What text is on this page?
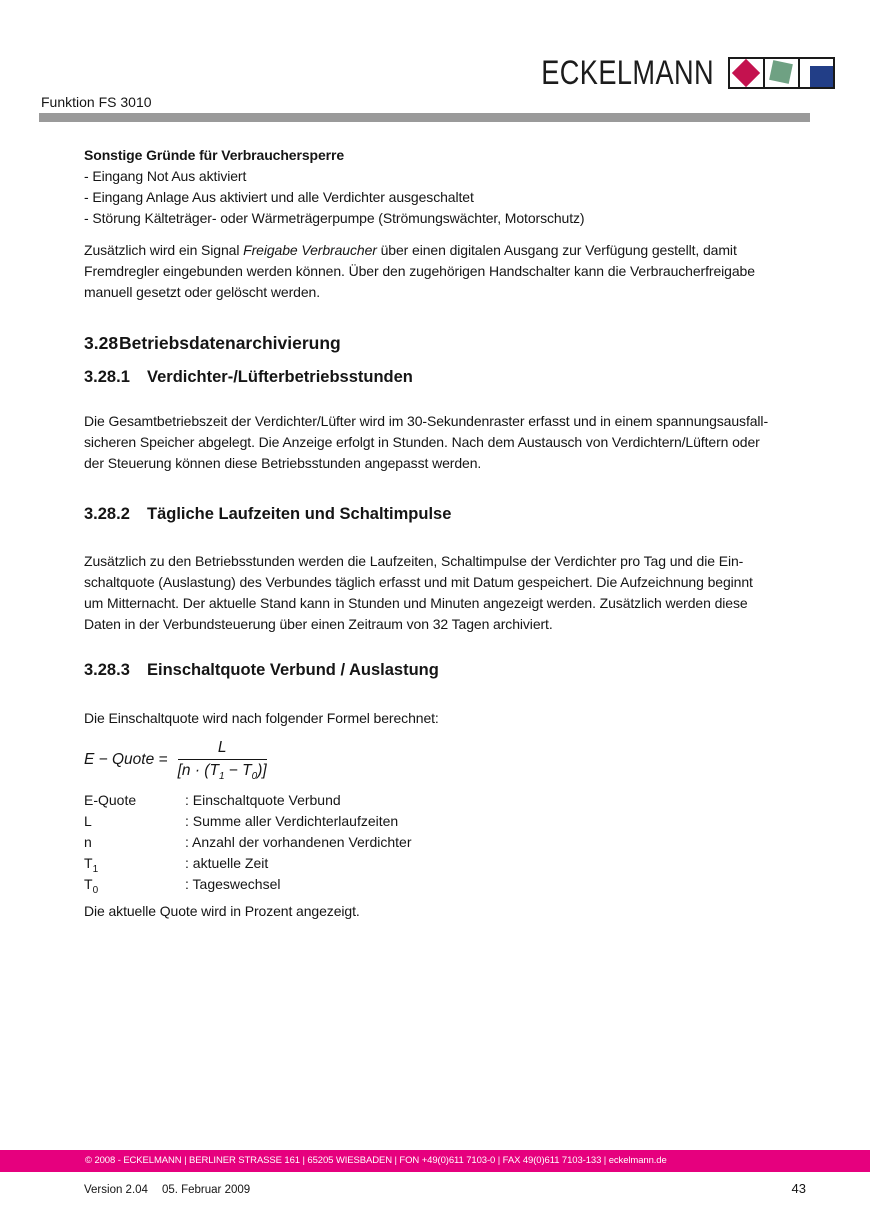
ECKELMANN
Funktion FS 3010
Sonstige Gründe für Verbrauchersperre
- Eingang Not Aus aktiviert
- Eingang Anlage Aus aktiviert und alle Verdichter ausgeschaltet
- Störung Kälteträger- oder Wärmeträgerpumpe (Strömungswächter, Motorschutz)
Zusätzlich wird ein Signal Freigabe Verbraucher über einen digitalen Ausgang zur Verfügung gestellt, damit
Fremdregler eingebunden werden können. Über den zugehörigen Handschalter kann die Verbraucherfreigabe
manuell gesetzt oder gelöscht werden.
3.28Betriebsdatenarchivierung
3.28.1 Verdichter-/Lüfterbetriebsstunden
Die Gesamtbetriebszeit der Verdichter/Lüfter wird im 30-Sekundenraster erfasst und in einem spannungsausfall-
sicheren Speicher abgelegt. Die Anzeige erfolgt in Stunden. Nach dem Austausch von Verdichtern/Lüftern oder
der Steuerung können diese Betriebsstunden angepasst werden.
3.28.2 Tägliche Laufzeiten und Schaltimpulse
Zusätzlich zu den Betriebsstunden werden die Laufzeiten, Schaltimpulse der Verdichter pro Tag und die Ein-
schaltquote (Auslastung) des Verbundes täglich erfasst und mit Datum gespeichert. Die Aufzeichnung beginnt
um Mitternacht. Der aktuelle Stand kann in Stunden und Minuten angezeigt werden. Zusätzlich werden diese
Daten in der Verbundsteuerung über einen Zeitraum von 32 Tagen archiviert.
3.28.3 Einschaltquote Verbund / Auslastung
Die Einschaltquote wird nach folgender Formel berechnet:
E − Quote = $\frac{L}{[n \cdot (T_1 - T_0)]}$
E-Quote	: Einschaltquote Verbund
L	: Summe aller Verdichterlaufzeiten
n	: Anzahl der vorhandenen Verdichter
$T_1$	: aktuelle Zeit
$T_0$	: Tageswechsel
Die aktuelle Quote wird in Prozent angezeigt.
© 2008 - ECKELMANN | BERLINER STRASSE 161 | 65205 WIESBADEN | FON +49(0)611 7103-0 | FAX 49(0)611 7103-133 | eckelmann.de
Version 2.04 05. Februar 2009	43
